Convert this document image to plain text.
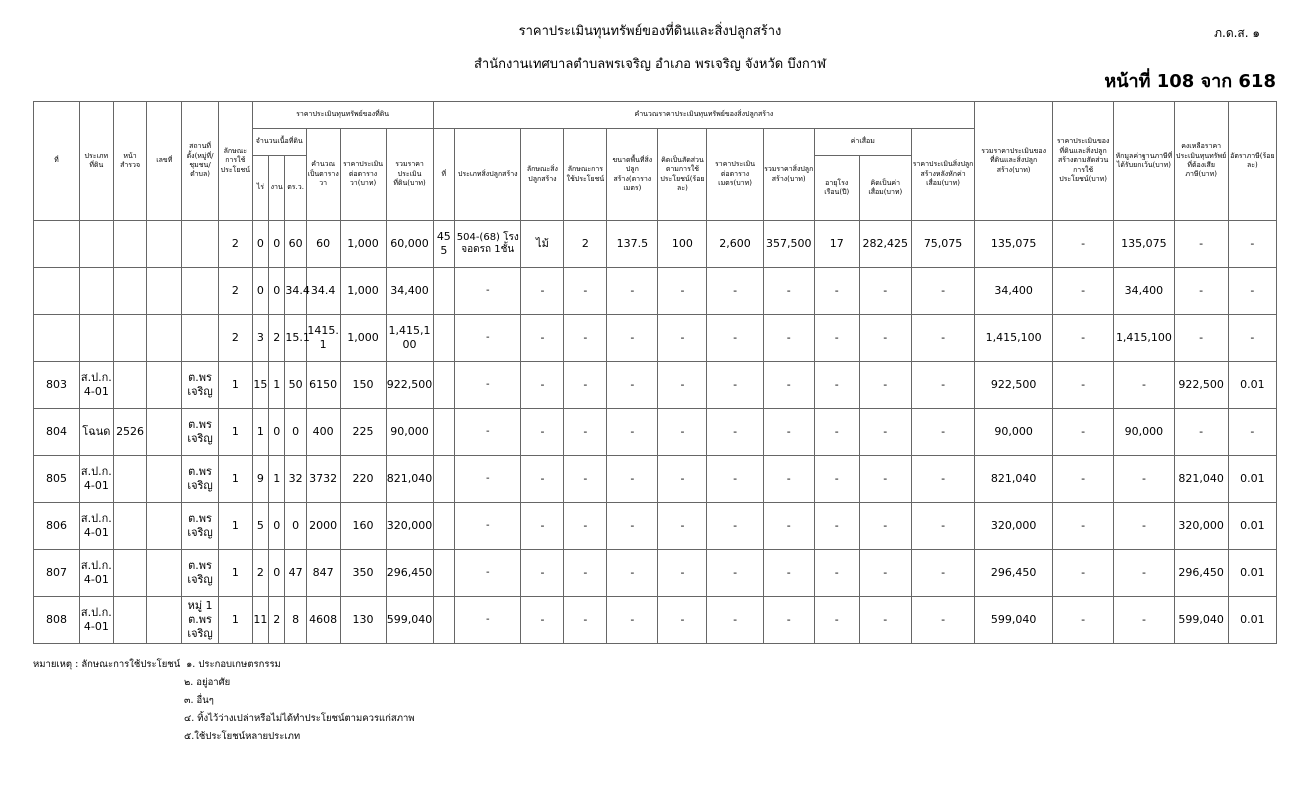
ราคาประเมินทุนทรัพย์ของที่ดินและสิ่งปลูกสร้าง
สำนักงานเทศบาลตำบลพรเจริญ อำเภอ พรเจริญ จังหวัด บึงกาฬ
ภ.ด.ส. ๑
หน้าที่ 108 จาก 618
ที่	ประเภทที่ดิน	หน้าสำรวจ	เลขที่	สถานที่ตั้ง(หมู่ที่/ชุมชน/ตำบล)	ลักษณะการใช้ประโยชน์	ราคาประเมินทุนทรัพย์ของที่ดิน						คำนวณราคาประเมินทุนทรัพย์ของสิ่งปลูกสร้าง											รวมราคาประเมินของที่ดินและสิ่งปลูกสร้าง(บาท)	ราคาประเมินของที่ดินและสิ่งปลูกสร้างตามสัดส่วนการใช้ประโยชน์(บาท)	หักมูลค่าฐานภาษีที่ได้รับยกเว้น(บาท)	คงเหลือราคาประเมินทุนทรัพย์ที่ต้องเสียภาษี(บาท)	อัตราภาษี(ร้อยละ)
						จำนวนเนื้อที่ดิน			คำนวณเป็นตารางวา	ราคาประเมินต่อตารางวา(บาท)	รวมราคาประเมินที่ดิน(บาท)	ที่	ประเภทสิ่งปลูกสร้าง	ลักษณะสิ่งปลูกสร้าง	ลักษณะการใช้ประโยชน์	ขนาดพื้นที่สิ่งปลูกสร้าง(ตารางเมตร)	คิดเป็นสัดส่วนตามการใช้ประโยชน์(ร้อยละ)	ราคาประเมินต่อตารางเมตร(บาท)	รวมราคาสิ่งปลูกสร้าง(บาท)	ค่าเสื่อม		ราคาประเมินสิ่งปลูกสร้างหลังหักค่าเสื่อม(บาท)					
						ไร่	งาน	ตร.ว.												อายุโรงเรือน(ปี)	คิดเป็นค่าเสื่อม(บาท)						
					2	0	0	60	60	1,000	60,000	45 5	504-(68) โรงจอดรถ 1ชั้น	ไม้	2	137.5	100	2,600	357,500	17	282,425	75,075	135,075	-	135,075	-	-
					2	0	0	34.4	34.4	1,000	34,400		-	-	-	-	-	-	-	-	-	-	34,400	-	34,400	-	-
					2	3	2	15.1	1415. 1	1,000	1,415,1 00		-	-	-	-	-	-	-	-	-	-	1,415,100	-	1,415,100	-	-
803	ส.ป.ก. 4-01			ต.พร เจริญ	1	15	1	50	6150	150	922,500		-	-	-	-	-	-	-	-	-	-	922,500	-	-	922,500	0.01
804	โฉนด	2526		ต.พร เจริญ	1	1	0	0	400	225	90,000		-	-	-	-	-	-	-	-	-	-	90,000	-	90,000	-	-
805	ส.ป.ก. 4-01			ต.พร เจริญ	1	9	1	32	3732	220	821,040		-	-	-	-	-	-	-	-	-	-	821,040	-	-	821,040	0.01
806	ส.ป.ก. 4-01			ต.พร เจริญ	1	5	0	0	2000	160	320,000		-	-	-	-	-	-	-	-	-	-	320,000	-	-	320,000	0.01
807	ส.ป.ก. 4-01			ต.พร เจริญ	1	2	0	47	847	350	296,450		-	-	-	-	-	-	-	-	-	-	296,450	-	-	296,450	0.01
808	ส.ป.ก. 4-01			หมู่ 1 ต.พร เจริญ	1	11	2	8	4608	130	599,040		-	-	-	-	-	-	-	-	-	-	599,040	-	-	599,040	0.01
หมายเหตุ : ลักษณะการใช้ประโยชน์ ๑. ประกอบเกษตรกรรม
๒. อยู่อาศัย
๓. อื่นๆ
๔. ทิ้งไว้ว่างเปล่าหรือไม่ได้ทำประโยชน์ตามควรแก่สภาพ
๕.ใช้ประโยชน์หลายประเภท
